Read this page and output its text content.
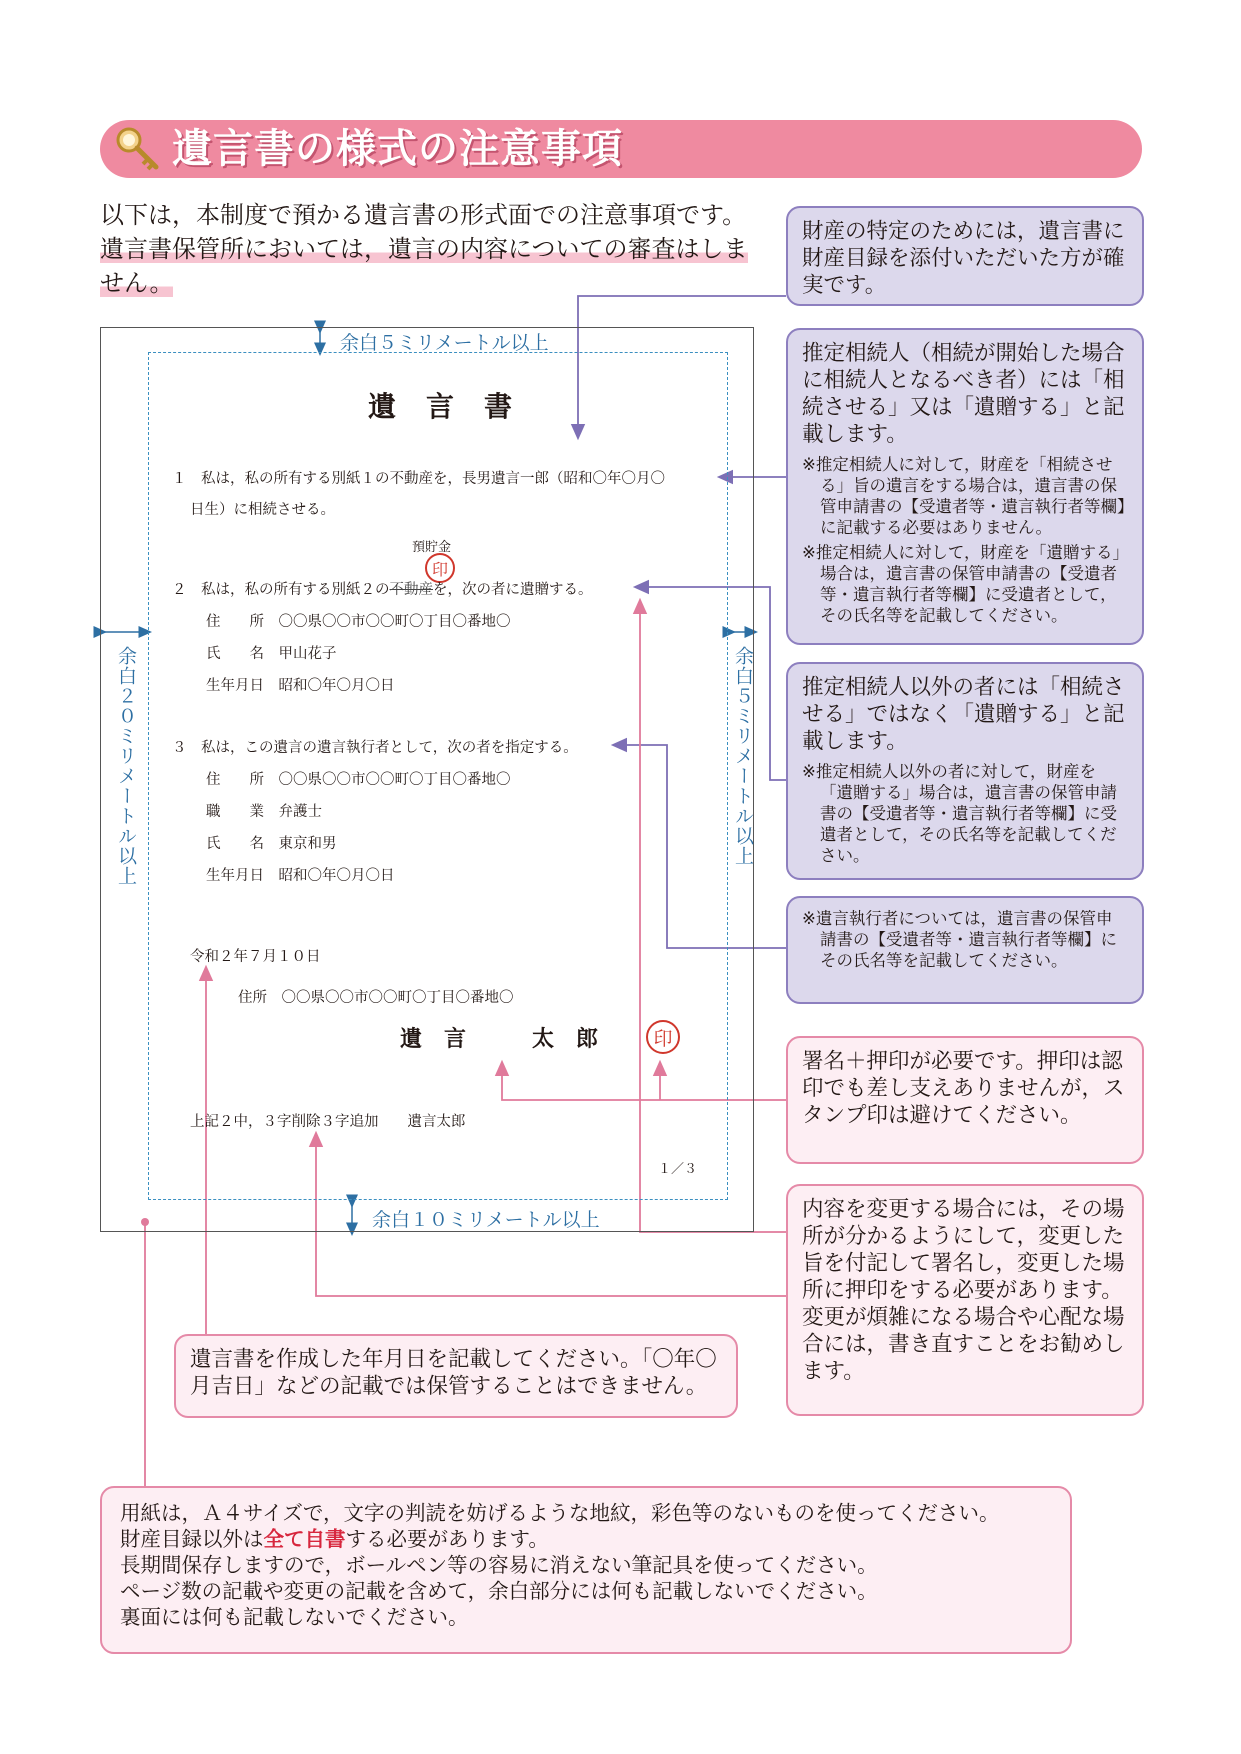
遺言書の様式の注意事項
以下は，本制度で預かる遺言書の形式面での注意事項です。
遺言書保管所においては，遺言の内容についての審査はしま
せん。
余白５ミリメートル以上
余白１０ミリメートル以上
余白２０ミリメートル以上	余白５ミリメートル以上
遺言書
１　私は，私の所有する別紙１の不動産を，長男遺言一郎（昭和〇年〇月〇
日生）に相続させる。
預貯金
印
２　私は，私の所有する別紙２の不動産を，次の者に遺贈する。
住　　所　〇〇県〇〇市〇〇町〇丁目〇番地〇
氏　　名　甲山花子
生年月日　昭和〇年〇月〇日
３　私は，この遺言の遺言執行者として，次の者を指定する。
住　　所　〇〇県〇〇市〇〇町〇丁目〇番地〇
職　　業　弁護士
氏　　名　東京和男
生年月日　昭和〇年〇月〇日
令和２年７月１０日
住所　〇〇県〇〇市〇〇町〇丁目〇番地〇
遺言　太郎	印
上記２中，３字削除３字追加　　遺言太郎
１／３
財産の特定のためには，遺言書に財産目録を添付いただいた方が確実です。
推定相続人（相続が開始した場合に相続人となるべき者）には「相続させる」又は「遺贈する」と記載します。
※推定相続人に対して，財産を「相続させる」旨の遺言をする場合は，遺言書の保管申請書の【受遺者等・遺言執行者等欄】に記載する必要はありません。
※推定相続人に対して，財産を「遺贈する」場合は，遺言書の保管申請書の【受遺者等・遺言執行者等欄】に受遺者として，その氏名等を記載してください。
推定相続人以外の者には「相続させる」ではなく「遺贈する」と記載します。
※推定相続人以外の者に対して，財産を「遺贈する」場合は，遺言書の保管申請書の【受遺者等・遺言執行者等欄】に受遺者として，その氏名等を記載してください。
※遺言執行者については，遺言書の保管申請書の【受遺者等・遺言執行者等欄】にその氏名等を記載してください。
署名＋押印が必要です。押印は認印でも差し支えありませんが，スタンプ印は避けてください。
内容を変更する場合には，その場所が分かるようにして，変更した旨を付記して署名し，変更した場所に押印をする必要があります。変更が煩雑になる場合や心配な場合には，書き直すことをお勧めします。
遺言書を作成した年月日を記載してください。「〇年〇月吉日」などの記載では保管することはできません。
用紙は，Ａ４サイズで，文字の判読を妨げるような地紋，彩色等のないものを使ってください。
財産目録以外は全て自書する必要があります。
長期間保存しますので，ボールペン等の容易に消えない筆記具を使ってください。
ページ数の記載や変更の記載を含めて，余白部分には何も記載しないでください。
裏面には何も記載しないでください。
